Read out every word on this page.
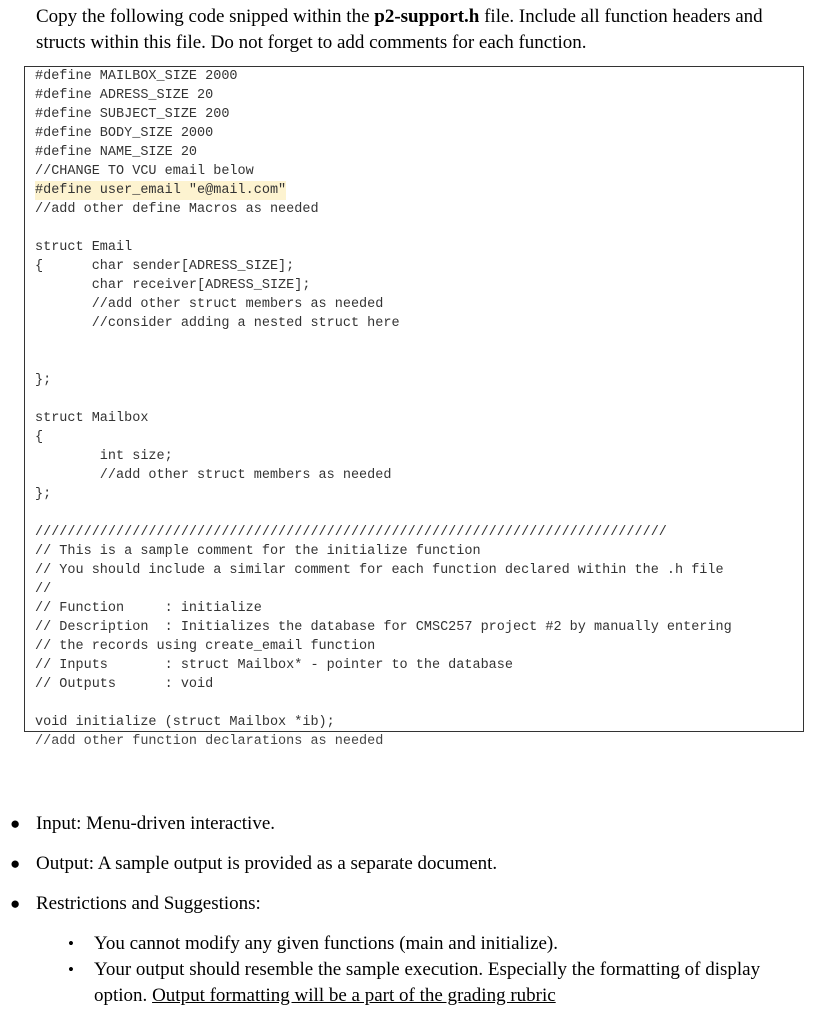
Copy the following code snipped within the p2-support.h file. Include all function headers and structs within this file. Do not forget to add comments for each function.
#define MAILBOX_SIZE 2000
#define ADRESS_SIZE 20
#define SUBJECT_SIZE 200
#define BODY_SIZE 2000
#define NAME_SIZE 20
//CHANGE TO VCU email below
#define user_email "e@mail.com"
//add other define Macros as needed
struct Email
{      char sender[ADRESS_SIZE];
char receiver[ADRESS_SIZE];
//add other struct members as needed
//consider adding a nested struct here
};
struct Mailbox
{
int size;
//add other struct members as needed
};
//////////////////////////////////////////////////////////////////////////////
// This is a sample comment for the initialize function
// You should include a similar comment for each function declared within the .h file
//
// Function     : initialize
// Description  : Initializes the database for CMSC257 project #2 by manually entering
// the records using create_email function
// Inputs       : struct Mailbox* - pointer to the database
// Outputs      : void
void initialize (struct Mailbox *ib);
//add other function declarations as needed
● Input: Menu-driven interactive.
● Output: A sample output is provided as a separate document.
● Restrictions and Suggestions:
• You cannot modify any given functions (main and initialize).
• Your output should resemble the sample execution. Especially the formatting of display
option. Output formatting will be a part of the grading rubric
